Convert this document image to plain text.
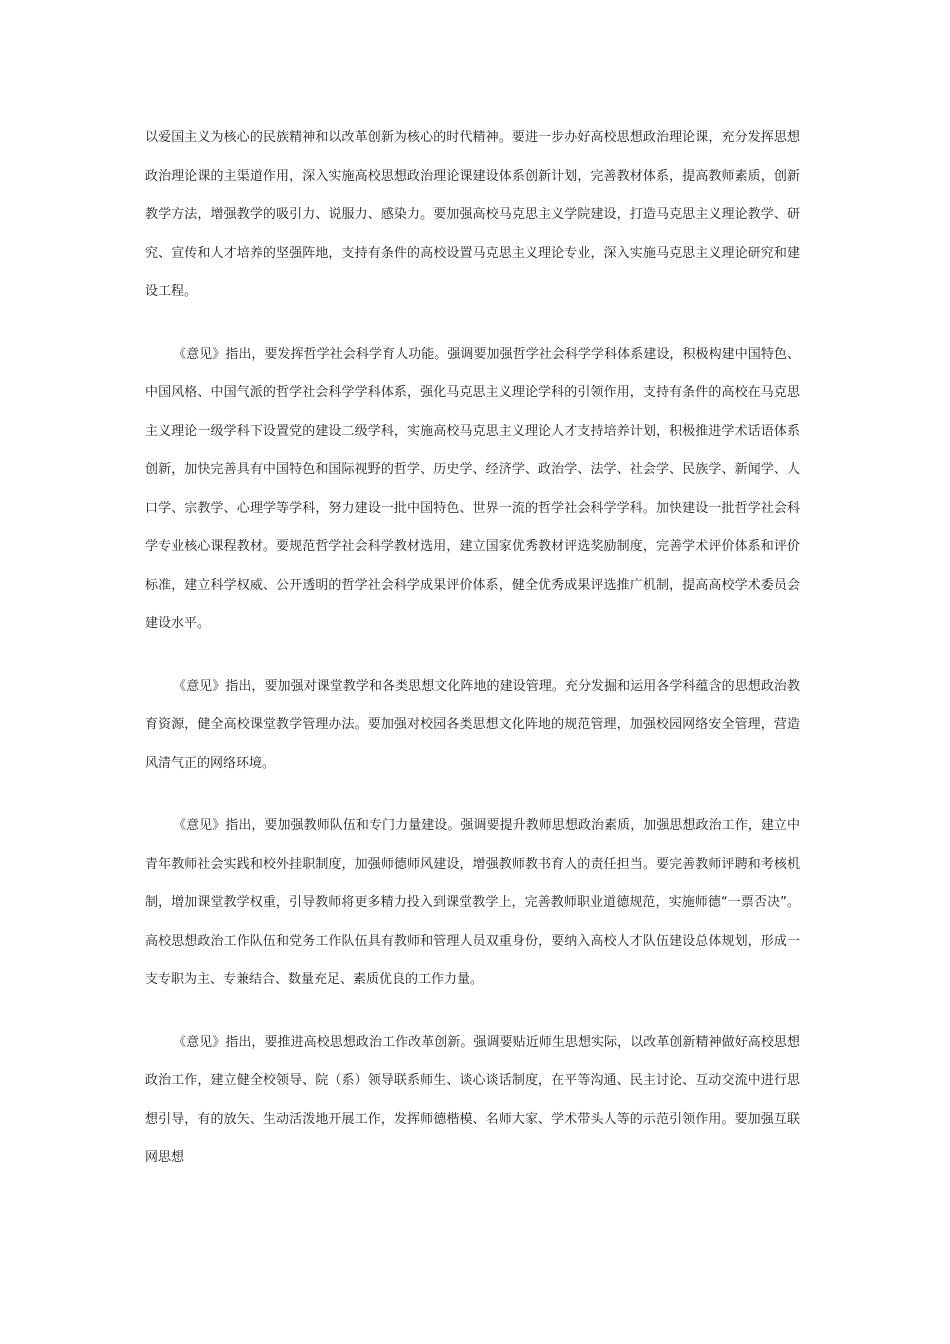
以爱国主义为核心的民族精神和以改革创新为核心的时代精神。要进一步办好高校思想政治理论课，充分发挥思想政治理论课的主渠道作用，深入实施高校思想政治理论课建设体系创新计划，完善教材体系，提高教师素质，创新教学方法，增强教学的吸引力、说服力、感染力。要加强高校马克思主义学院建设，打造马克思主义理论教学、研究、宣传和人才培养的坚强阵地，支持有条件的高校设置马克思主义理论专业，深入实施马克思主义理论研究和建设工程。

《意见》指出，要发挥哲学社会科学育人功能。强调要加强哲学社会科学学科体系建设，积极构建中国特色、中国风格、中国气派的哲学社会科学学科体系，强化马克思主义理论学科的引领作用，支持有条件的高校在马克思主义理论一级学科下设置党的建设二级学科，实施高校马克思主义理论人才支持培养计划，积极推进学术话语体系创新，加快完善具有中国特色和国际视野的哲学、历史学、经济学、政治学、法学、社会学、民族学、新闻学、人口学、宗教学、心理学等学科，努力建设一批中国特色、世界一流的哲学社会科学学科。加快建设一批哲学社会科学专业核心课程教材。要规范哲学社会科学教材选用，建立国家优秀教材评选奖励制度，完善学术评价体系和评价标准，建立科学权威、公开透明的哲学社会科学成果评价体系，健全优秀成果评选推广机制，提高高校学术委员会建设水平。

《意见》指出，要加强对课堂教学和各类思想文化阵地的建设管理。充分发掘和运用各学科蕴含的思想政治教育资源，健全高校课堂教学管理办法。要加强对校园各类思想文化阵地的规范管理，加强校园网络安全管理，营造风清气正的网络环境。

《意见》指出，要加强教师队伍和专门力量建设。强调要提升教师思想政治素质，加强思想政治工作，建立中青年教师社会实践和校外挂职制度，加强师德师风建设，增强教师教书育人的责任担当。要完善教师评聘和考核机制，增加课堂教学权重，引导教师将更多精力投入到课堂教学上，完善教师职业道德规范，实施师德“一票否决”。高校思想政治工作队伍和党务工作队伍具有教师和管理人员双重身份，要纳入高校人才队伍建设总体规划，形成一支专职为主、专兼结合、数量充足、素质优良的工作力量。

《意见》指出，要推进高校思想政治工作改革创新。强调要贴近师生思想实际，以改革创新精神做好高校思想政治工作，建立健全校领导、院（系）领导联系师生、谈心谈话制度，在平等沟通、民主讨论、互动交流中进行思想引导，有的放矢、生动活泼地开展工作，发挥师德楷模、名师大家、学术带头人等的示范引领作用。要加强互联网思想
